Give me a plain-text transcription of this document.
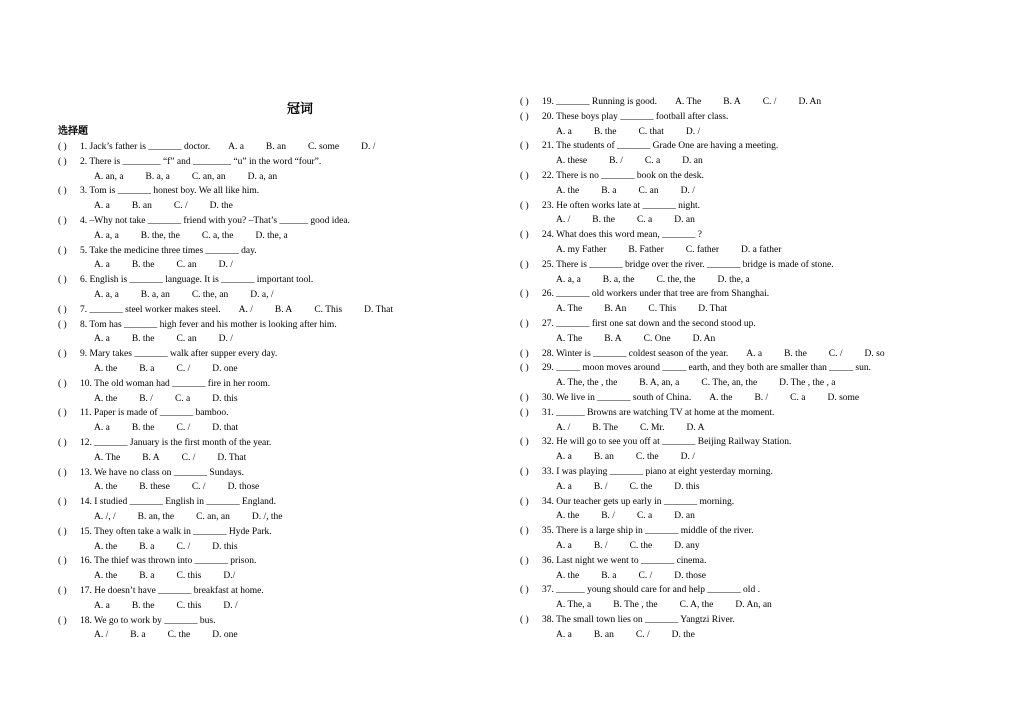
冠词
选择题
( ) 1. Jack’s father is _______ doctor. A. a B. an C. some D. /
( ) 2. There is ________ “f” and ________ “u” in the word “four”.
A. an, a B. a, a C. an, an D. a, an
( ) 3. Tom is _______ honest boy. We all like him.
A. a B. an C. / D. the
( ) 4. –Why not take _______ friend with you? –That’s ______ good idea.
A. a, a B. the, the C. a, the D. the, a
( ) 5. Take the medicine three times _______ day.
A. a B. the C. an D. /
( ) 6. English is _______ language. It is _______ important tool.
A. a, a B. a, an C. the, an D. a, /
( ) 7. _______ steel worker makes steel. A. / B. A C. This D. That
( ) 8. Tom has _______ high fever and his mother is looking after him.
A. a B. the C. an D. /
( ) 9. Mary takes _______ walk after supper every day.
A. the B. a C. / D. one
( ) 10. The old woman had _______ fire in her room.
A. the B. / C. a D. this
( ) 11. Paper is made of _______ bamboo.
A. a B. the C. / D. that
( ) 12. _______ January is the first month of the year.
A. The B. A C. / D. That
( ) 13. We have no class on _______ Sundays.
A. the B. these C. / D. those
( ) 14. I studied _______ English in _______ England.
A. /, / B. an, the C. an, an D. /, the
( ) 15. They often take a walk in _______ Hyde Park.
A. the B. a C. / D. this
( ) 16. The thief was thrown into _______ prison.
A. the B. a C. this D./
( ) 17. He doesn’t have _______ breakfast at home.
A. a B. the C. this D. /
( ) 18. We go to work by _______ bus.
A. / B. a C. the D. one
( ) 19. _______ Running is good. A. The B. A C. / D. An
( ) 20. These boys play _______ football after class.
A. a B. the C. that D. /
( ) 21. The students of _______ Grade One are having a meeting.
A. these B. / C. a D. an
( ) 22. There is no _______ book on the desk.
A. the B. a C. an D. /
( ) 23. He often works late at _______ night.
A. / B. the C. a D. an
( ) 24. What does this word mean, _______ ?
A. my Father B. Father C. father D. a father
( ) 25. There is _______ bridge over the river. _______ bridge is made of stone.
A. a, a B. a, the C. the, the D. the, a
( ) 26. _______ old workers under that tree are from Shanghai.
A. The B. An C. This D. That
( ) 27. _______ first one sat down and the second stood up.
A. The B. A C. One D. An
( ) 28. Winter is _______ coldest season of the year. A. a B. the C. / D. so
( ) 29. _____ moon moves around _____ earth, and they both are smaller than _____ sun.
A. The, the , the B. A, an, a C. The, an, the D. The , the , a
( ) 30. We live in _______ south of China. A. the B. / C. a D. some
( ) 31. ______ Browns are watching TV at home at the moment.
A. / B. The C. Mr. D. A
( ) 32. He will go to see you off at _______ Beijing Railway Station.
A. a B. an C. the D. /
( ) 33. I was playing _______ piano at eight yesterday morning.
A. a B. / C. the D. this
( ) 34. Our teacher gets up early in _______ morning.
A. the B. / C. a D. an
( ) 35. There is a large ship in _______ middle of the river.
A. a B. / C. the D. any
( ) 36. Last night we went to _______ cinema.
A. the B. a C. / D. those
( ) 37. ______ young should care for and help _______ old .
A. The, a B. The , the C. A, the D. An, an
( ) 38. The small town lies on _______ Yangtzi River.
A. a B. an C. / D. the
